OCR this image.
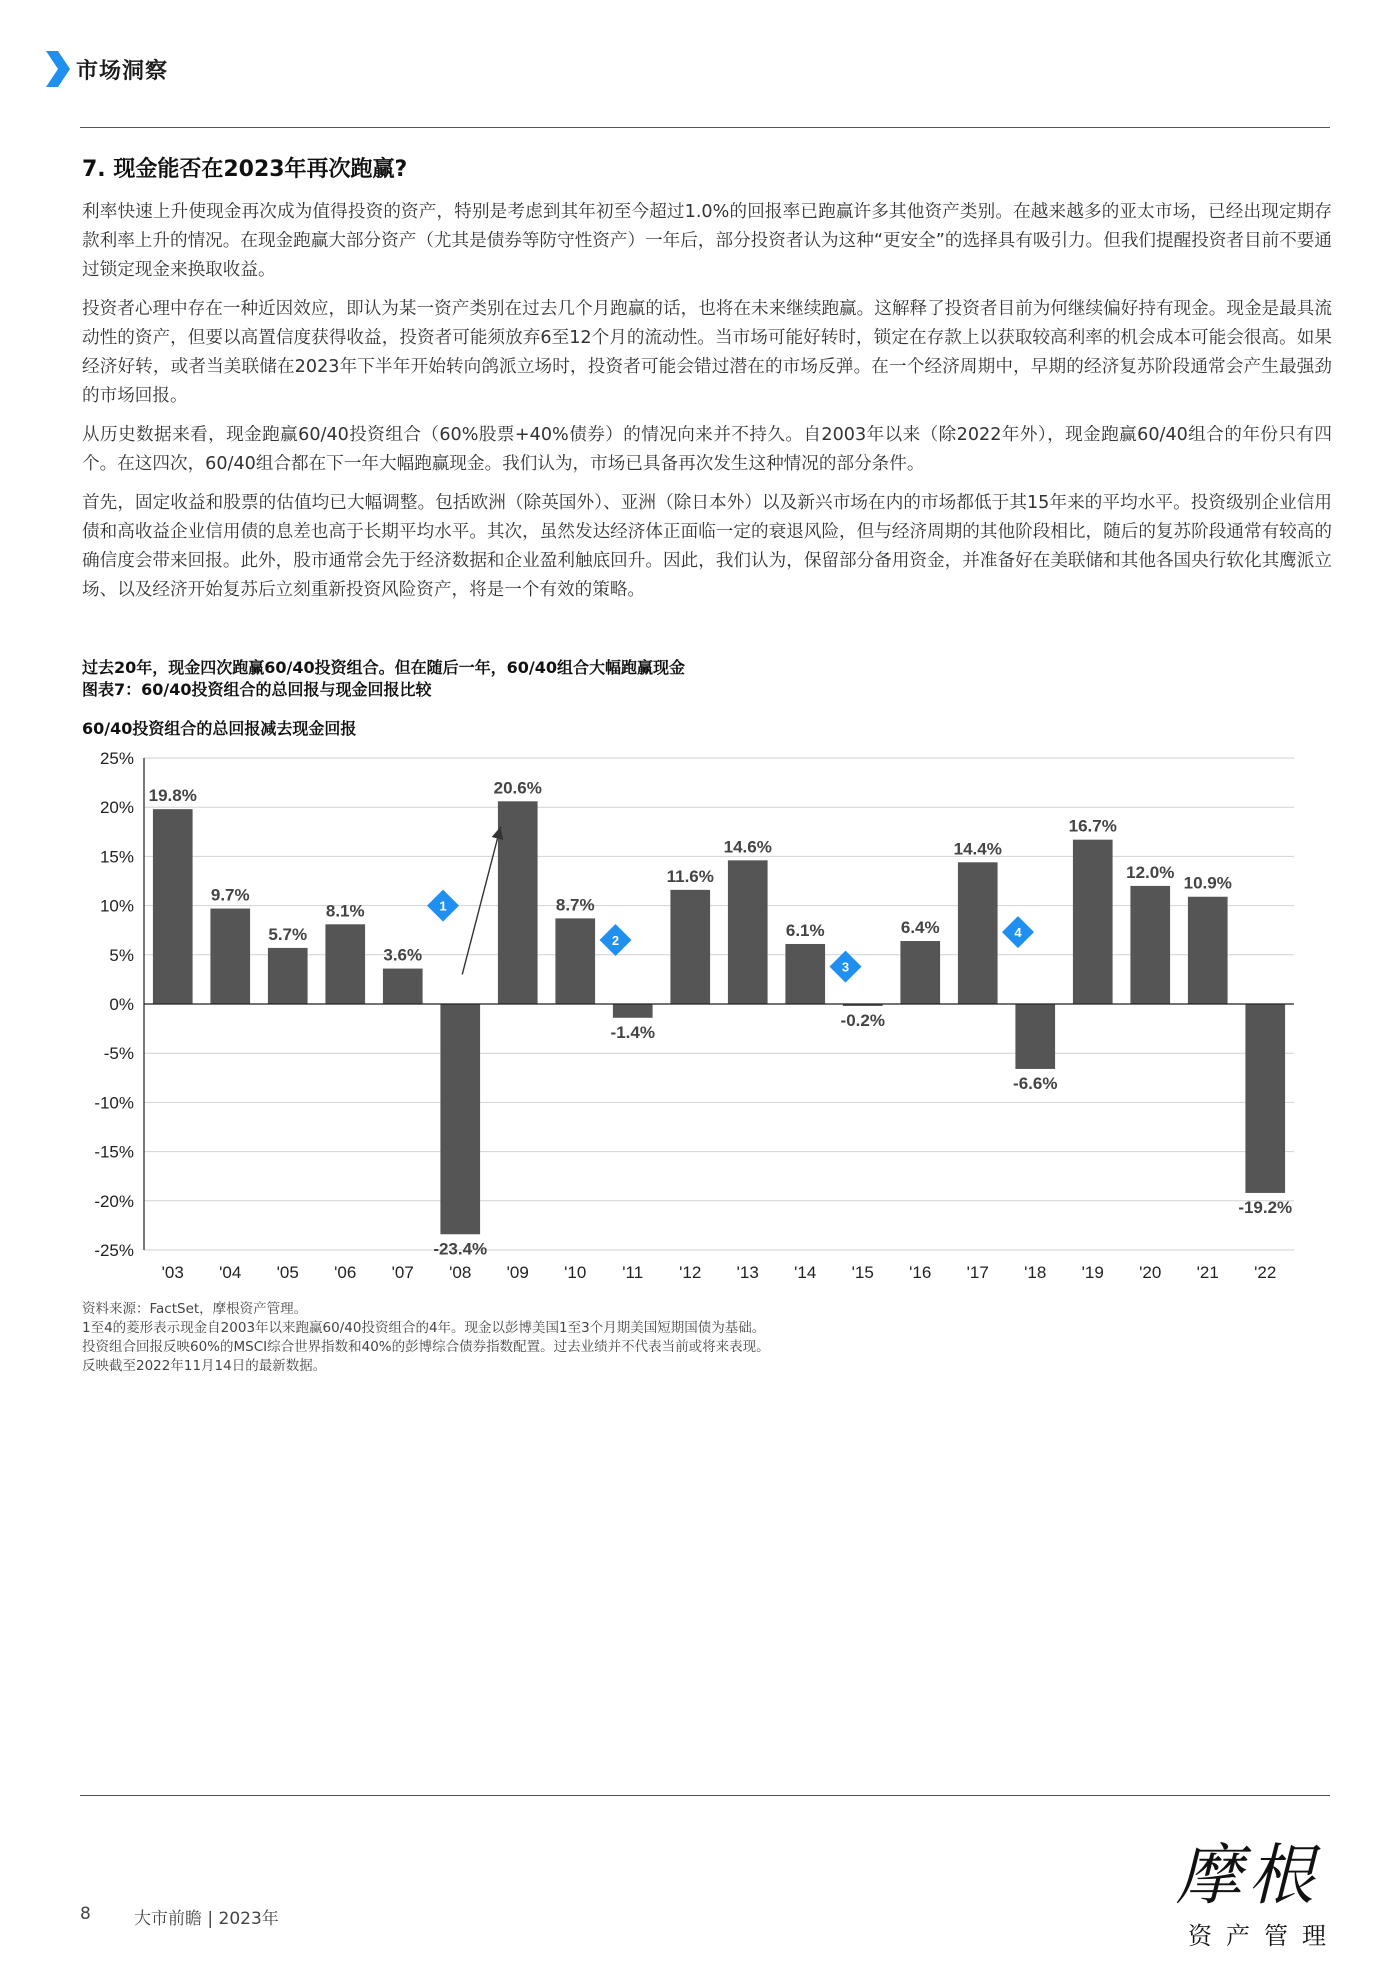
市场洞察
7. 现金能否在2023年再次跑赢?

利率快速上升使现金再次成为值得投资的资产，特别是考虑到其年初至今超过1.0%的回报率已跑赢许多其他资产类别。在越来越多的亚太市场，已经出现定期存款利率上升的情况。在现金跑赢大部分资产（尤其是债券等防守性资产）一年后，部分投资者认为这种“更安全”的选择具有吸引力。但我们提醒投资者目前不要通过锁定现金来换取收益。

投资者心理中存在一种近因效应，即认为某一资产类别在过去几个月跑赢的话，也将在未来继续跑赢。这解释了投资者目前为何继续偏好持有现金。现金是最具流动性的资产，但要以高置信度获得收益，投资者可能须放弃6至12个月的流动性。当市场可能好转时，锁定在存款上以获取较高利率的机会成本可能会很高。如果经济好转，或者当美联储在2023年下半年开始转向鸽派立场时，投资者可能会错过潜在的市场反弹。在一个经济周期中，早期的经济复苏阶段通常会产生最强劲的市场回报。

从历史数据来看，现金跑赢60/40投资组合（60%股票+40%债券）的情况向来并不持久。自2003年以来（除2022年外），现金跑赢60/40组合的年份只有四个。在这四次，60/40组合都在下一年大幅跑赢现金。我们认为，市场已具备再次发生这种情况的部分条件。

首先，固定收益和股票的估值均已大幅调整。包括欧洲（除英国外）、亚洲（除日本外）以及新兴市场在内的市场都低于其15年来的平均水平。投资级别企业信用债和高收益企业信用债的息差也高于长期平均水平。其次，虽然发达经济体正面临一定的衰退风险，但与经济周期的其他阶段相比，随后的复苏阶段通常有较高的确信度会带来回报。此外，股市通常会先于经济数据和企业盈利触底回升。因此，我们认为，保留部分备用资金，并准备好在美联储和其他各国央行软化其鹰派立场、以及经济开始复苏后立刻重新投资风险资产，将是一个有效的策略。

过去20年，现金四次跑赢60/40投资组合。但在随后一年，60/40组合大幅跑赢现金
图表7：60/40投资组合的总回报与现金回报比较
60/40投资组合的总回报减去现金回报
25%
20%
15%
10%
5%
0%
-5%
-10%
-15%
-20%
-25%
19.8%
'03
9.7%
'04
5.7%
'05
8.1%
'06
3.6%
'07
-23.4%
'08
20.6%
'09
8.7%
'10
-1.4%
'11
11.6%
'12
14.6%
'13
6.1%
'14
-0.2%
'15
6.4%
'16
14.4%
'17
-6.6%
'18
16.7%
'19
12.0%
'20
10.9%
'21
-19.2%
'22
1
2
3
4
资料来源：FactSet，摩根资产管理。
1至4的菱形表示现金自2003年以来跑赢60/40投资组合的4年。现金以彭博美国1至3个月期美国短期国债为基础。
投资组合回报反映60%的MSCI综合世界指数和40%的彭博综合债券指数配置。过去业绩并不代表当前或将来表现。
反映截至2022年11月14日的最新数据。
8	大市前瞻 | 2023年
摩根
资产管理
